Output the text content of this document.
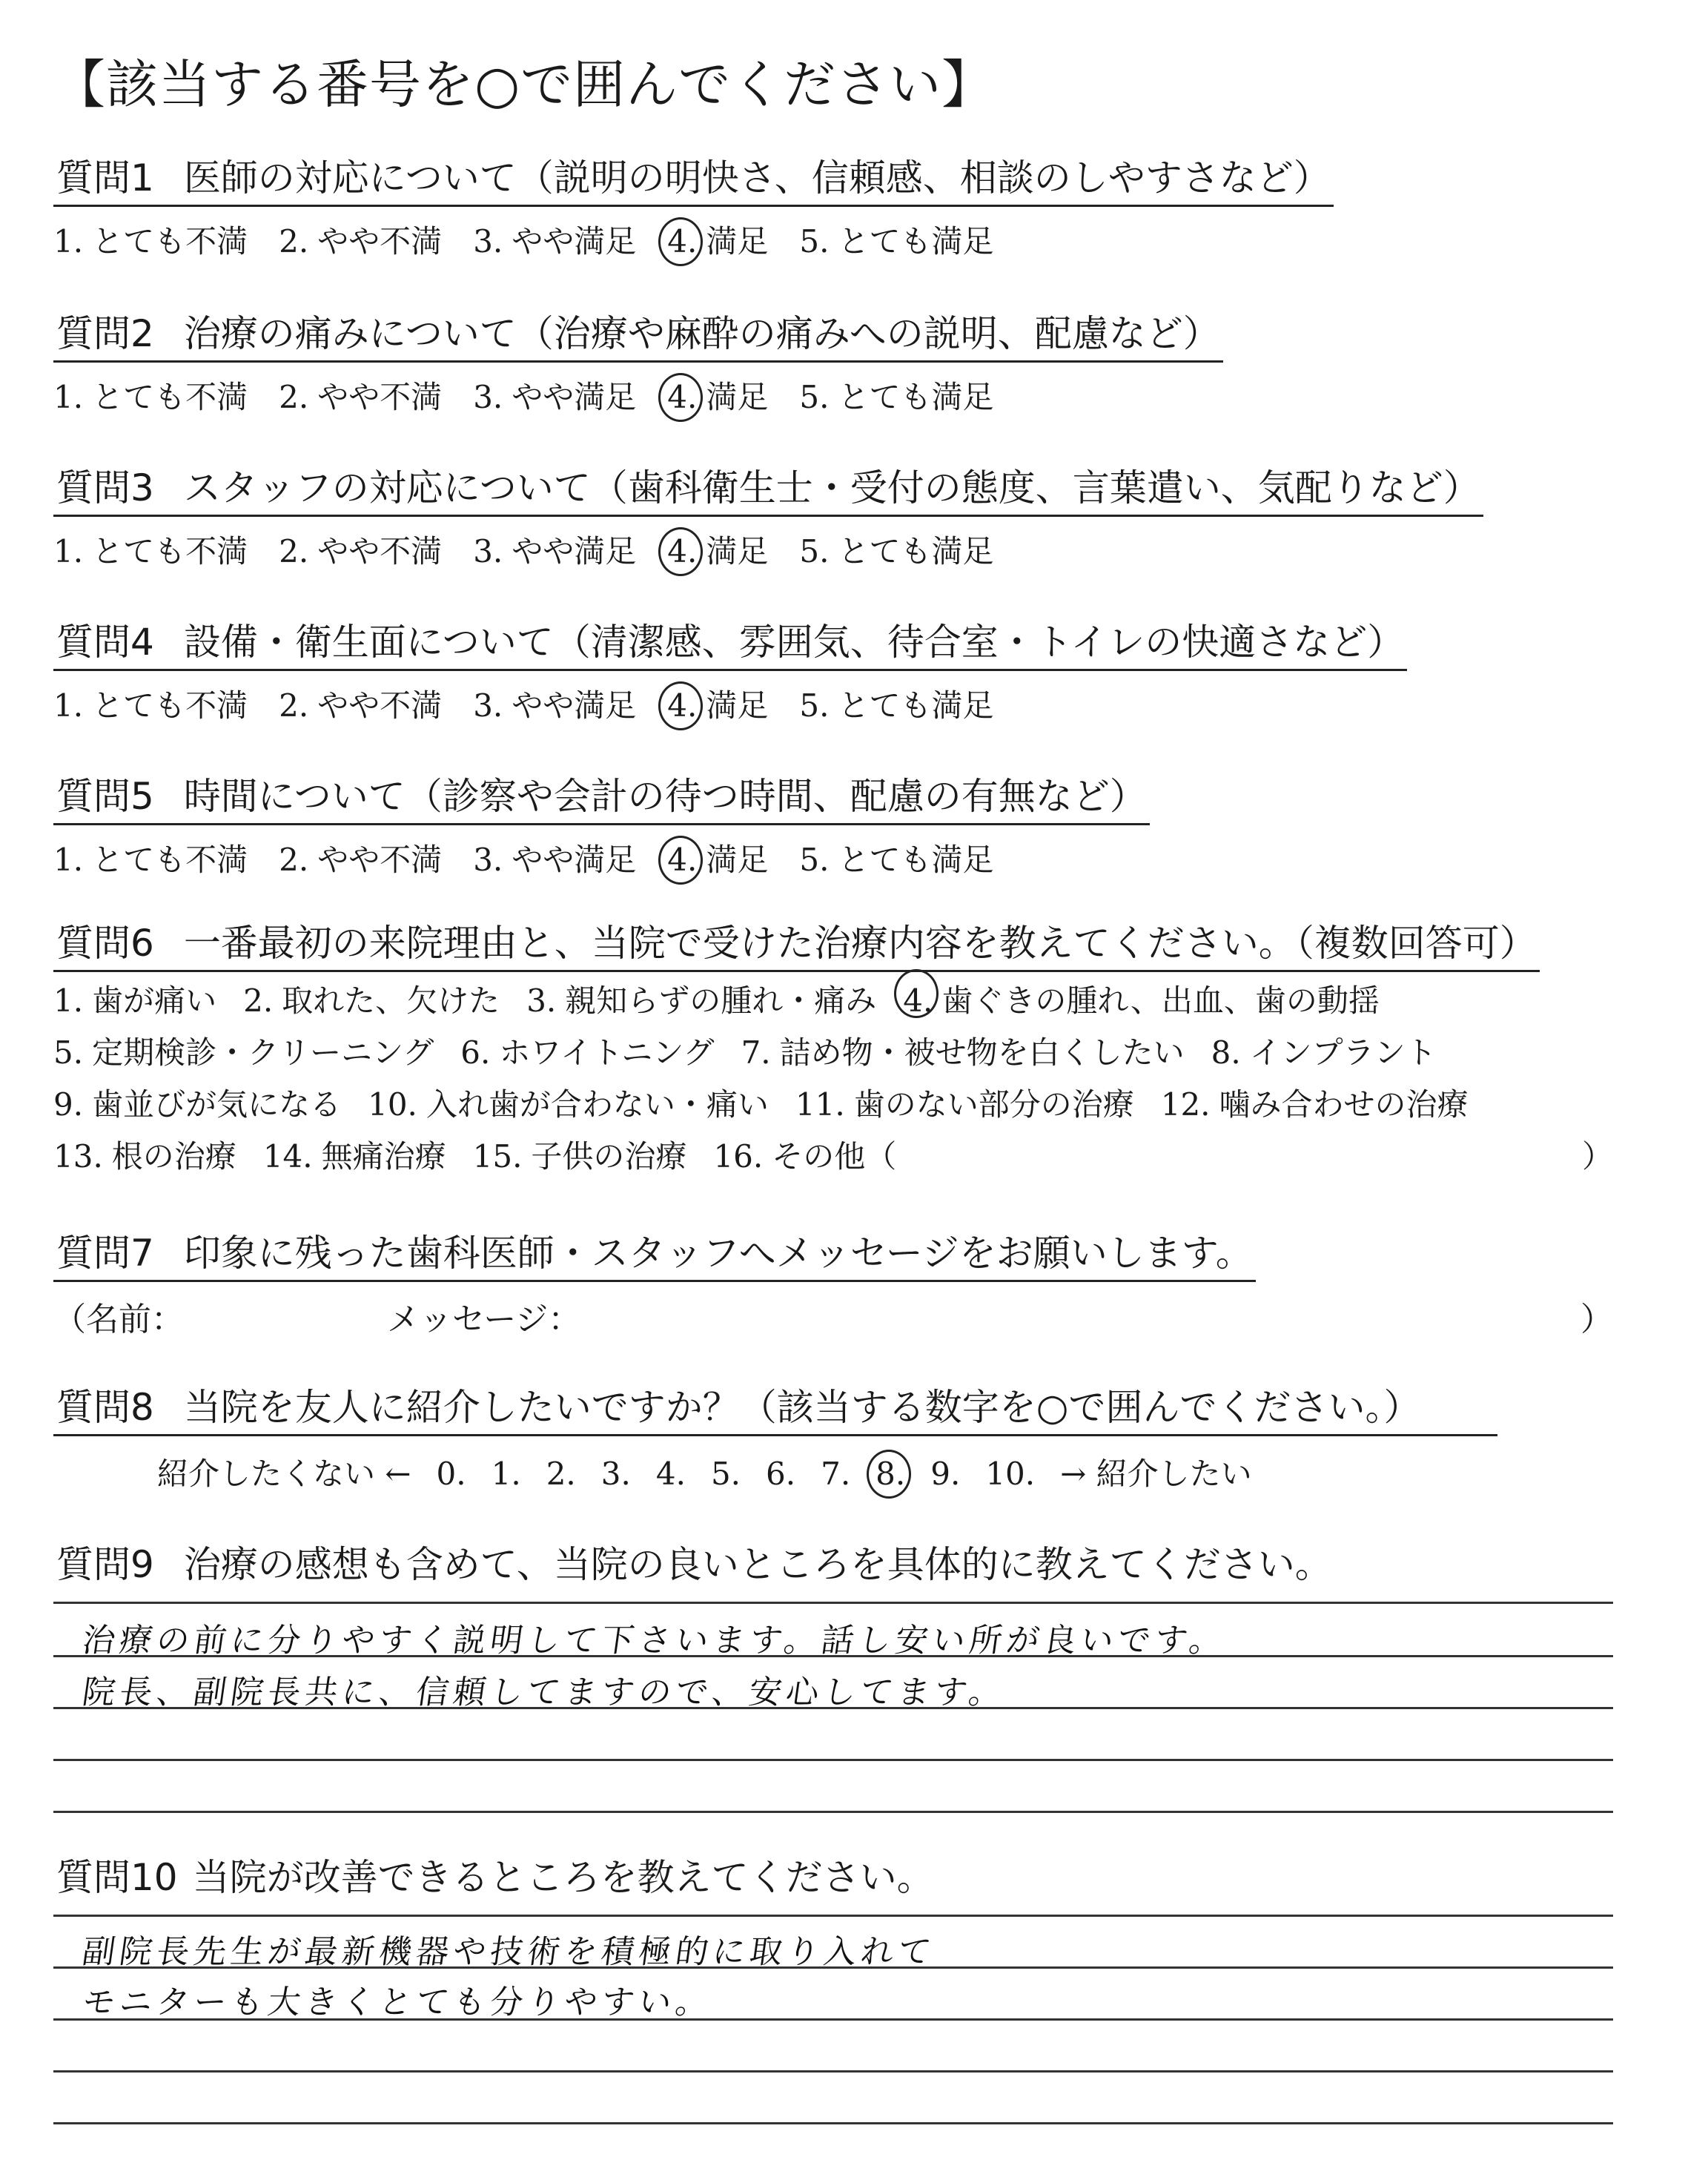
【該当する番号を○で囲んでください】
質問1 医師の対応について（説明の明快さ、信頼感、相談のしやすさなど）
1. とても不満 2. やや不満 3. やや満足 4. 満足 5. とても満足
質問2 治療の痛みについて（治療や麻酔の痛みへの説明、配慮など）
1. とても不満 2. やや不満 3. やや満足 4. 満足 5. とても満足
質問3 スタッフの対応について（歯科衛生士・受付の態度、言葉遣い、気配りなど）
1. とても不満 2. やや不満 3. やや満足 4. 満足 5. とても満足
質問4 設備・衛生面について（清潔感、雰囲気、待合室・トイレの快適さなど）
1. とても不満 2. やや不満 3. やや満足 4. 満足 5. とても満足
質問5 時間について（診察や会計の待つ時間、配慮の有無など）
1. とても不満 2. やや不満 3. やや満足 4. 満足 5. とても満足
質問6 一番最初の来院理由と、当院で受けた治療内容を教えてください。（複数回答可）
1. 歯が痛い 2. 取れた、欠けた 3. 親知らずの腫れ・痛み 4. 歯ぐきの腫れ、出血、歯の動揺
5. 定期検診・クリーニング 6. ホワイトニング 7. 詰め物・被せ物を白くしたい 8. インプラント
9. 歯並びが気になる 10. 入れ歯が合わない・痛い 11. 歯のない部分の治療 12. 噛み合わせの治療
13. 根の治療 14. 無痛治療 15. 子供の治療 16. その他（	）
質問7 印象に残った歯科医師・スタッフへメッセージをお願いします。
（名前：	メッセージ：	）
質問8 当院を友人に紹介したいですか？（該当する数字を○で囲んでください。）
紹介したくない ← 0. 1. 2. 3. 4. 5. 6. 7. 8. 9. 10. → 紹介したい
質問9 治療の感想も含めて、当院の良いところを具体的に教えてください。
治療の前に分りやすく説明して下さいます。話し安い所が良いです。
院長、副院長共に、信頼してますので、安心してます。
質問10 当院が改善できるところを教えてください。
副院長先生が最新機器や技術を積極的に取り入れて
モニターも大きくとても分りやすい。
